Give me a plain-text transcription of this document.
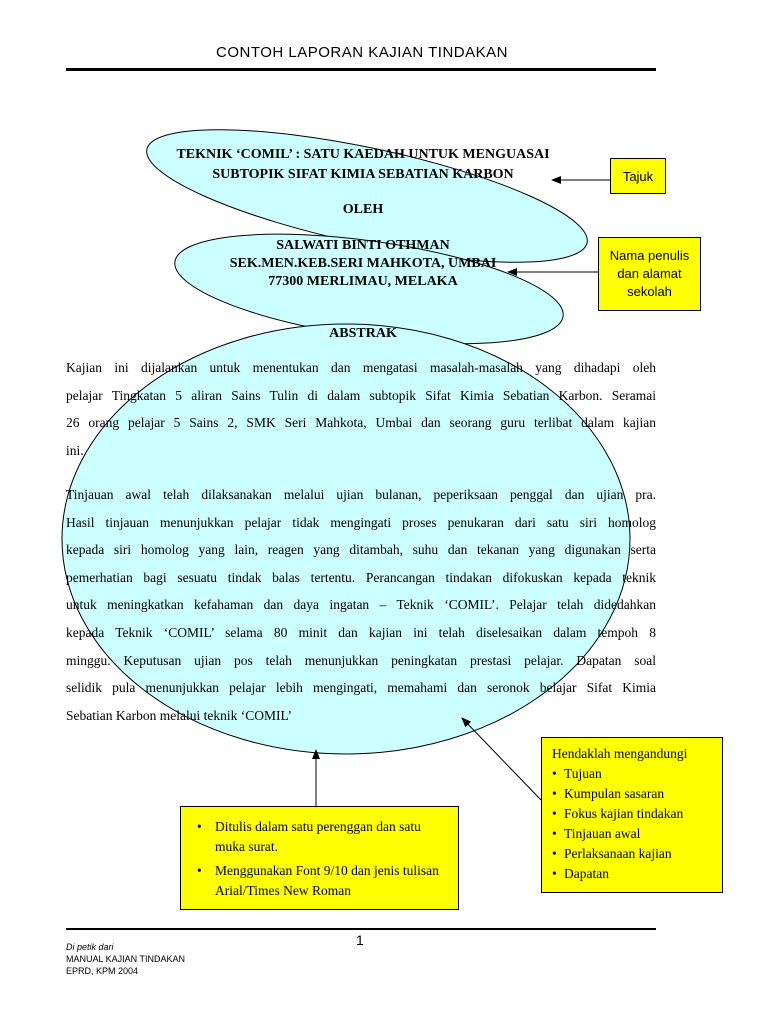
CONTOH LAPORAN KAJIAN TINDAKAN
TEKNIK ‘COMIL’ : SATU KAEDAH UNTUK MENGUASAI
SUBTOPIK SIFAT KIMIA SEBATIAN KARBON
OLEH
SALWATI BINTI OTHMAN
SEK.MEN.KEB.SERI MAHKOTA, UMBAI
77300 MERLIMAU, MELAKA
ABSTRAK
Kajian ini dijalankan untuk menentukan dan mengatasi masalah-masalah yang dihadapi oleh
pelajar Tingkatan 5 aliran Sains Tulin di dalam subtopik Sifat Kimia Sebatian Karbon. Seramai
26 orang pelajar 5 Sains 2, SMK Seri Mahkota, Umbai dan seorang guru terlibat dalam kajian
ini.
Tinjauan awal telah dilaksanakan melalui ujian bulanan, peperiksaan penggal dan ujian pra.
Hasil tinjauan menunjukkan pelajar tidak mengingati proses penukaran dari satu siri homolog
kepada siri homolog yang lain, reagen yang ditambah, suhu dan tekanan yang digunakan serta
pemerhatian bagi sesuatu tindak balas tertentu. Perancangan tindakan difokuskan kepada teknik
untuk meningkatkan kefahaman dan daya ingatan – Teknik ‘COMIL’. Pelajar telah didedahkan
kepada Teknik ‘COMIL’ selama 80 minit dan kajian ini telah diselesaikan dalam tempoh 8
minggu. Keputusan ujian pos telah menunjukkan peningkatan prestasi pelajar. Dapatan soal
selidik pula menunjukkan pelajar lebih mengingati, memahami dan seronok belajar Sifat Kimia
Sebatian Karbon melalui teknik ‘COMIL’
Tajuk
Nama penulis
dan alamat
sekolah
Hendaklah mengandungi
• Tujuan
• Kumpulan sasaran
• Fokus kajian tindakan
• Tinjauan awal
• Perlaksanaan kajian
• Dapatan
• Ditulis dalam satu perenggan dan satu muka surat.
• Menggunakan Font 9/10 dan jenis tulisan Arial/Times New Roman
1
Di petik dari
MANUAL KAJIAN TINDAKAN
EPRD, KPM 2004
